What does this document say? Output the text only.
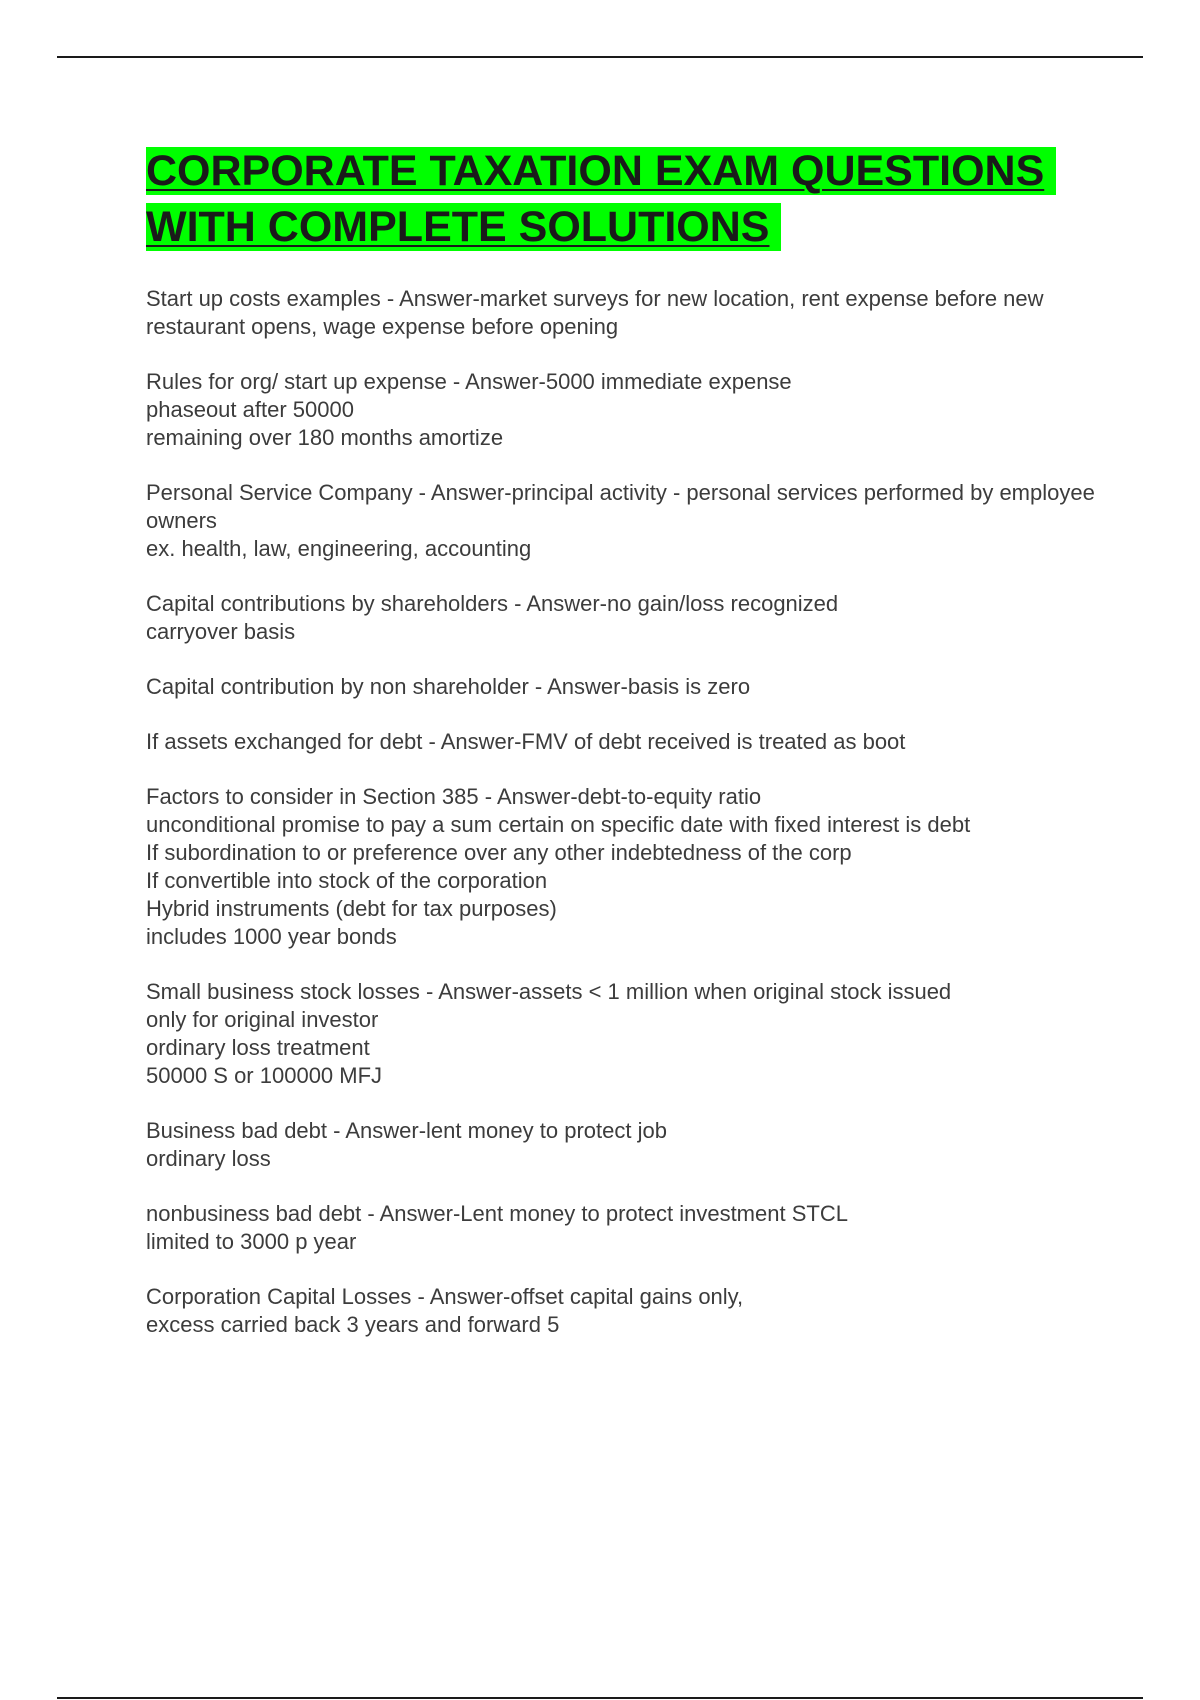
CORPORATE TAXATION EXAM QUESTIONS WITH COMPLETE SOLUTIONS

Start up costs examples - Answer-market surveys for new location, rent expense before new restaurant opens, wage expense before opening

Rules for org/ start up expense - Answer-5000 immediate expense
phaseout after 50000
remaining over 180 months amortize

Personal Service Company - Answer-principal activity - personal services performed by employee owners
ex. health, law, engineering, accounting

Capital contributions by shareholders - Answer-no gain/loss recognized
carryover basis

Capital contribution by non shareholder - Answer-basis is zero

If assets exchanged for debt - Answer-FMV of debt received is treated as boot

Factors to consider in Section 385 - Answer-debt-to-equity ratio
unconditional promise to pay a sum certain on specific date with fixed interest is debt
If subordination to or preference over any other indebtedness of the corp
If convertible into stock of the corporation
Hybrid instruments (debt for tax purposes)
includes 1000 year bonds

Small business stock losses - Answer-assets < 1 million when original stock issued
only for original investor
ordinary loss treatment
50000 S or 100000 MFJ

Business bad debt - Answer-lent money to protect job
ordinary loss

nonbusiness bad debt - Answer-Lent money to protect investment STCL
limited to 3000 p year

Corporation Capital Losses - Answer-offset capital gains only,
excess carried back 3 years and forward 5
